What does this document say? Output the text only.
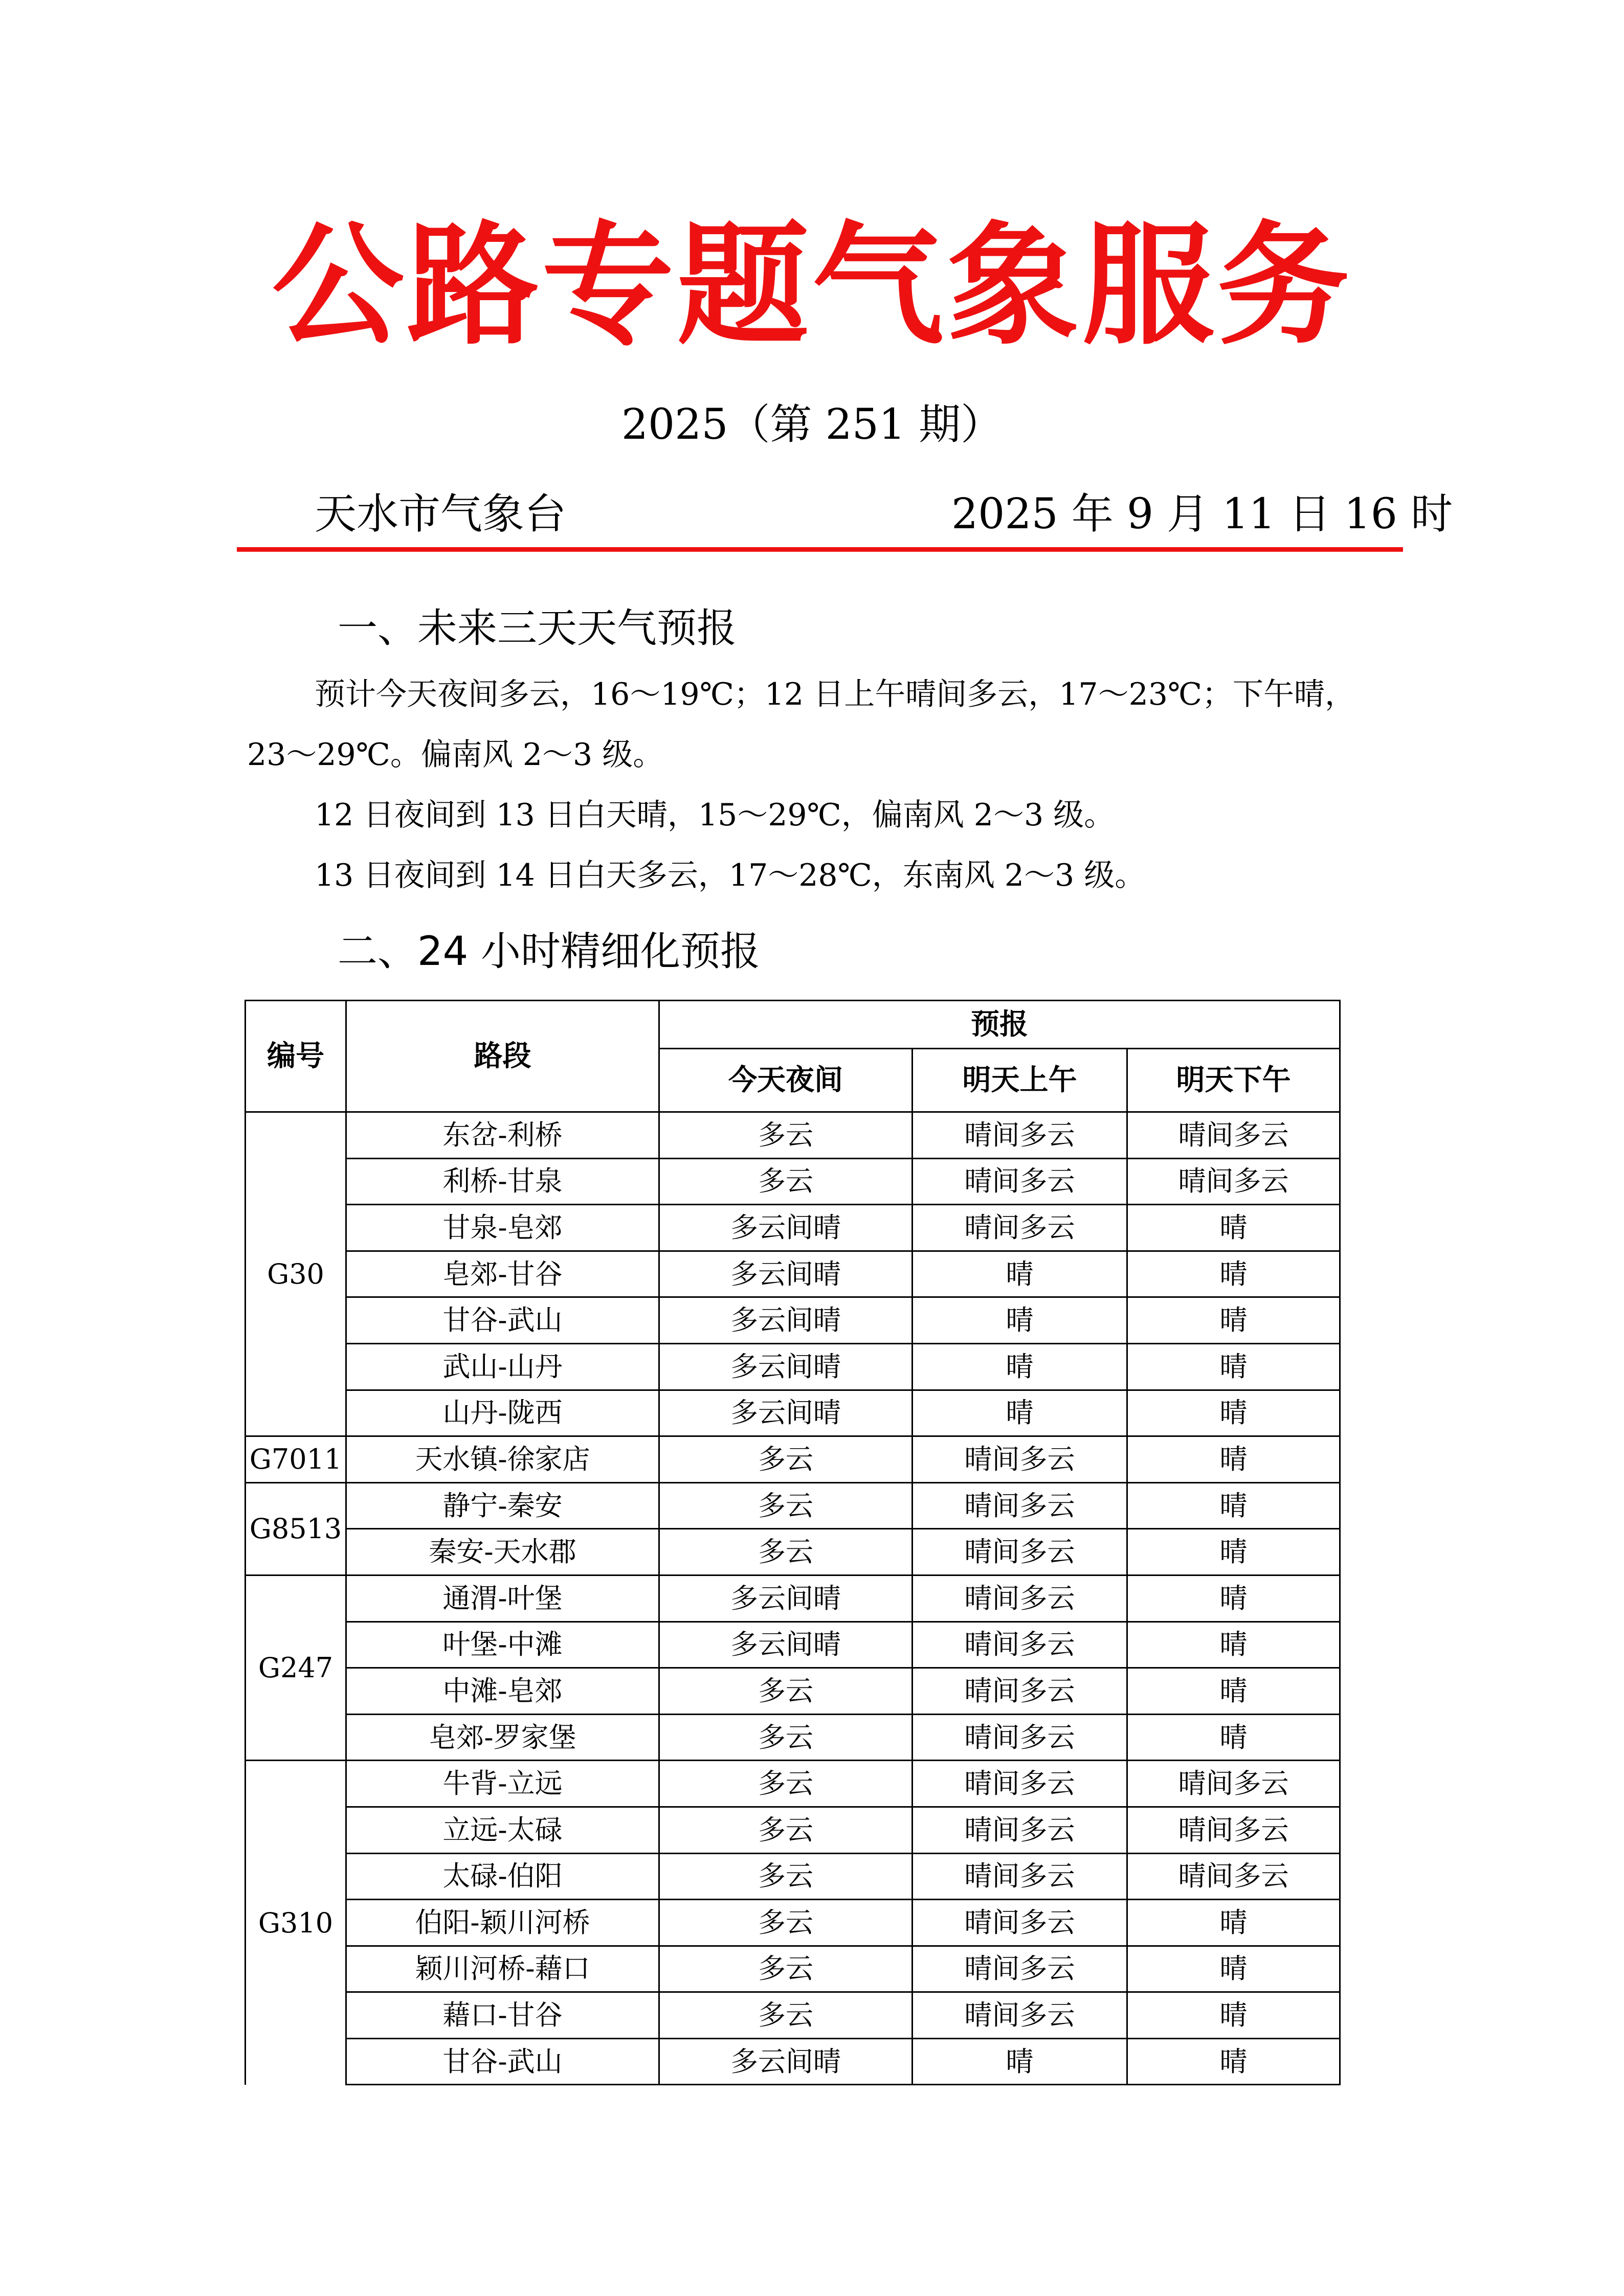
公路专题气象服务
2025（第 251 期）
天水市气象台	2025 年 9 月 11 日 16 时
一、未来三天天气预报
预计今天夜间多云，16～19℃；12 日上午晴间多云，17～23℃；下午晴，
23～29℃。偏南风 2～3 级。
12 日夜间到 13 日白天晴，15～29℃，偏南风 2～3 级。
13 日夜间到 14 日白天多云，17～28℃，东南风 2～3 级。
二、24 小时精细化预报
编号	路段	预报		
		今天夜间	明天上午	明天下午
G30	东岔-利桥	多云	晴间多云	晴间多云
	利桥-甘泉	多云	晴间多云	晴间多云
	甘泉-皂郊	多云间晴	晴间多云	晴
	皂郊-甘谷	多云间晴	晴	晴
	甘谷-武山	多云间晴	晴	晴
	武山-山丹	多云间晴	晴	晴
	山丹-陇西	多云间晴	晴	晴
G7011	天水镇-徐家店	多云	晴间多云	晴
G8513	静宁-秦安	多云	晴间多云	晴
	秦安-天水郡	多云	晴间多云	晴
G247	通渭-叶堡	多云间晴	晴间多云	晴
	叶堡-中滩	多云间晴	晴间多云	晴
	中滩-皂郊	多云	晴间多云	晴
	皂郊-罗家堡	多云	晴间多云	晴
G310	牛背-立远	多云	晴间多云	晴间多云
	立远-太碌	多云	晴间多云	晴间多云
	太碌-伯阳	多云	晴间多云	晴间多云
	伯阳-颖川河桥	多云	晴间多云	晴
	颖川河桥-藉口	多云	晴间多云	晴
	藉口-甘谷	多云	晴间多云	晴
	甘谷-武山	多云间晴	晴	晴
